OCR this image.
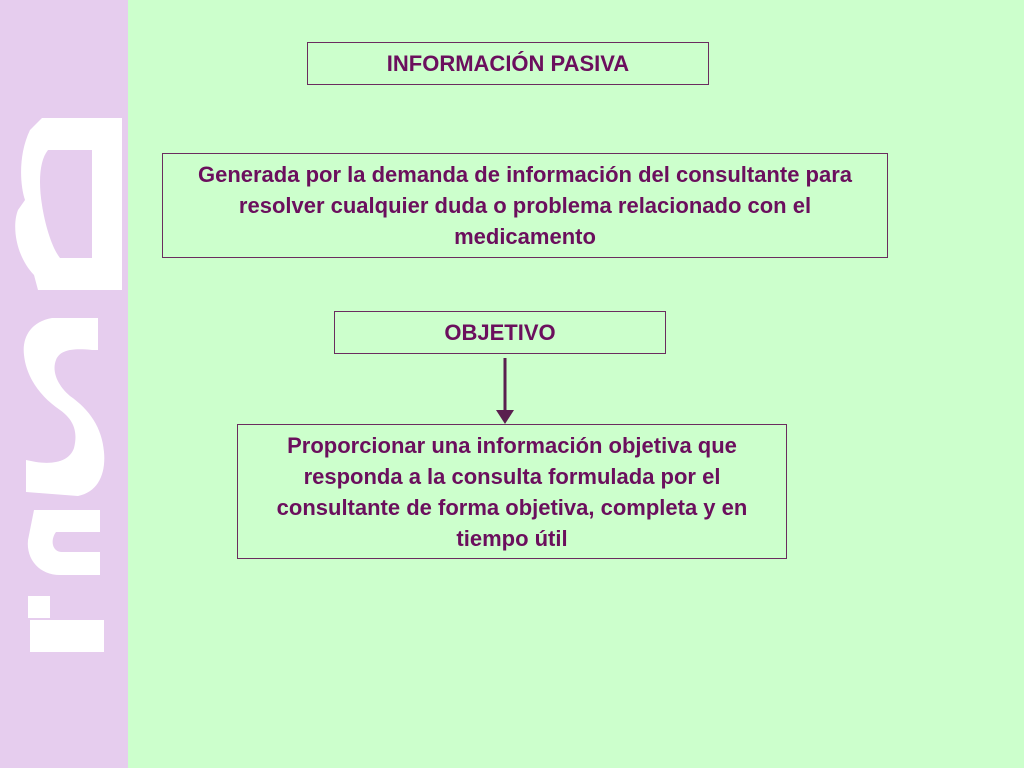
INFORMACIÓN PASIVA
Generada por la demanda de información del consultante para resolver cualquier duda o problema relacionado con el medicamento
OBJETIVO
Proporcionar una información objetiva que responda a la consulta formulada por el consultante de forma objetiva, completa y en tiempo útil
